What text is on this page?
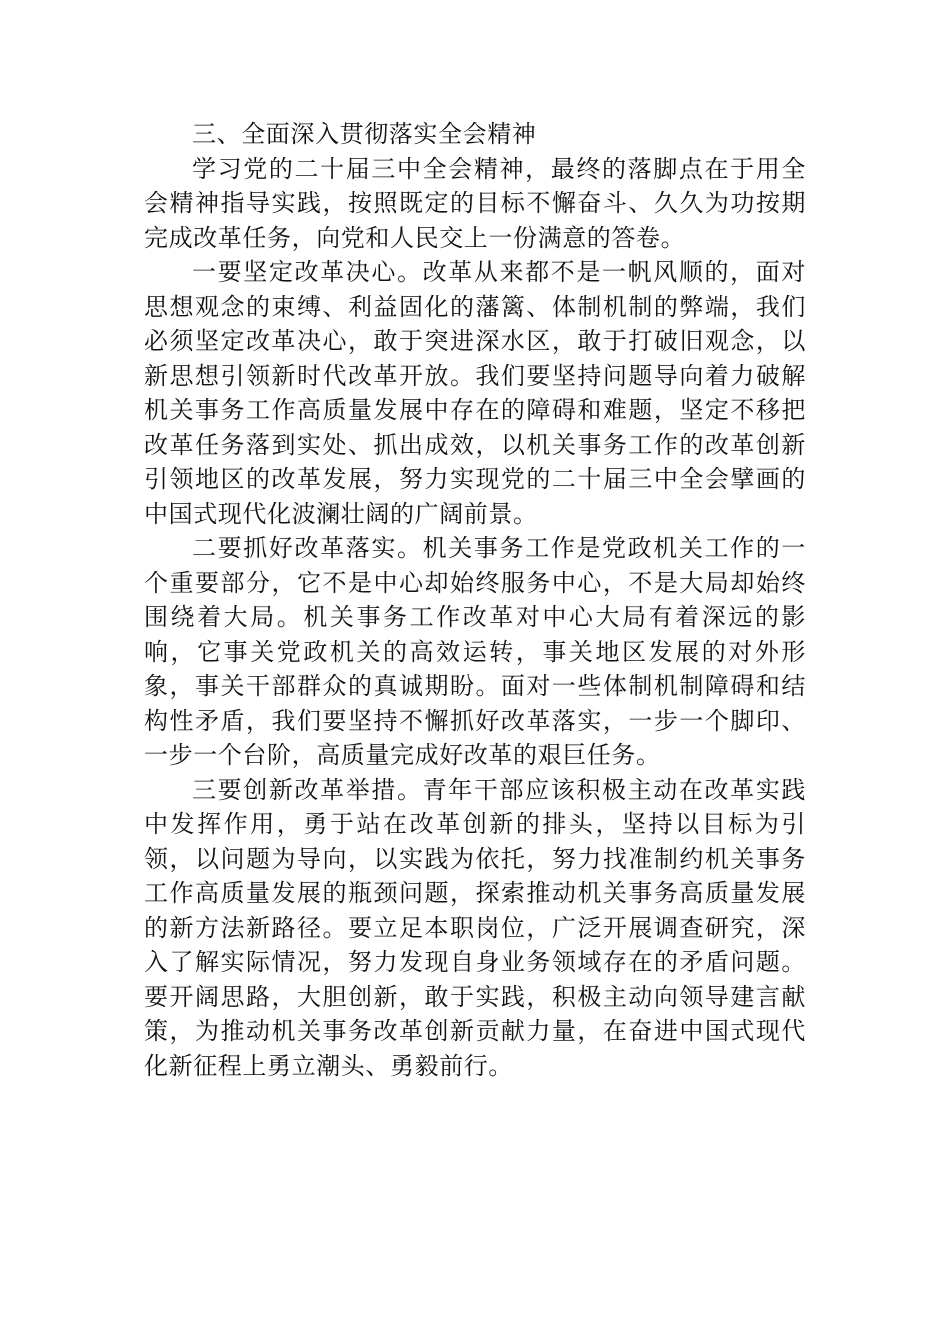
三、全面深入贯彻落实全会精神

学习党的二十届三中全会精神，最终的落脚点在于用全会精神指导实践，按照既定的目标不懈奋斗、久久为功按期完成改革任务，向党和人民交上一份满意的答卷。

一要坚定改革决心。改革从来都不是一帆风顺的，面对思想观念的束缚、利益固化的藩篱、体制机制的弊端，我们必须坚定改革决心，敢于突进深水区，敢于打破旧观念，以新思想引领新时代改革开放。我们要坚持问题导向着力破解机关事务工作高质量发展中存在的障碍和难题，坚定不移把改革任务落到实处、抓出成效，以机关事务工作的改革创新引领地区的改革发展，努力实现党的二十届三中全会擘画的中国式现代化波澜壮阔的广阔前景。

二要抓好改革落实。机关事务工作是党政机关工作的一个重要部分，它不是中心却始终服务中心，不是大局却始终围绕着大局。机关事务工作改革对中心大局有着深远的影响，它事关党政机关的高效运转，事关地区发展的对外形象，事关干部群众的真诚期盼。面对一些体制机制障碍和结构性矛盾，我们要坚持不懈抓好改革落实，一步一个脚印、一步一个台阶，高质量完成好改革的艰巨任务。

三要创新改革举措。青年干部应该积极主动在改革实践中发挥作用，勇于站在改革创新的排头，坚持以目标为引领，以问题为导向，以实践为依托，努力找准制约机关事务工作高质量发展的瓶颈问题，探索推动机关事务高质量发展的新方法新路径。要立足本职岗位，广泛开展调查研究，深入了解实际情况，努力发现自身业务领域存在的矛盾问题。要开阔思路，大胆创新，敢于实践，积极主动向领导建言献策，为推动机关事务改革创新贡献力量，在奋进中国式现代化新征程上勇立潮头、勇毅前行。
